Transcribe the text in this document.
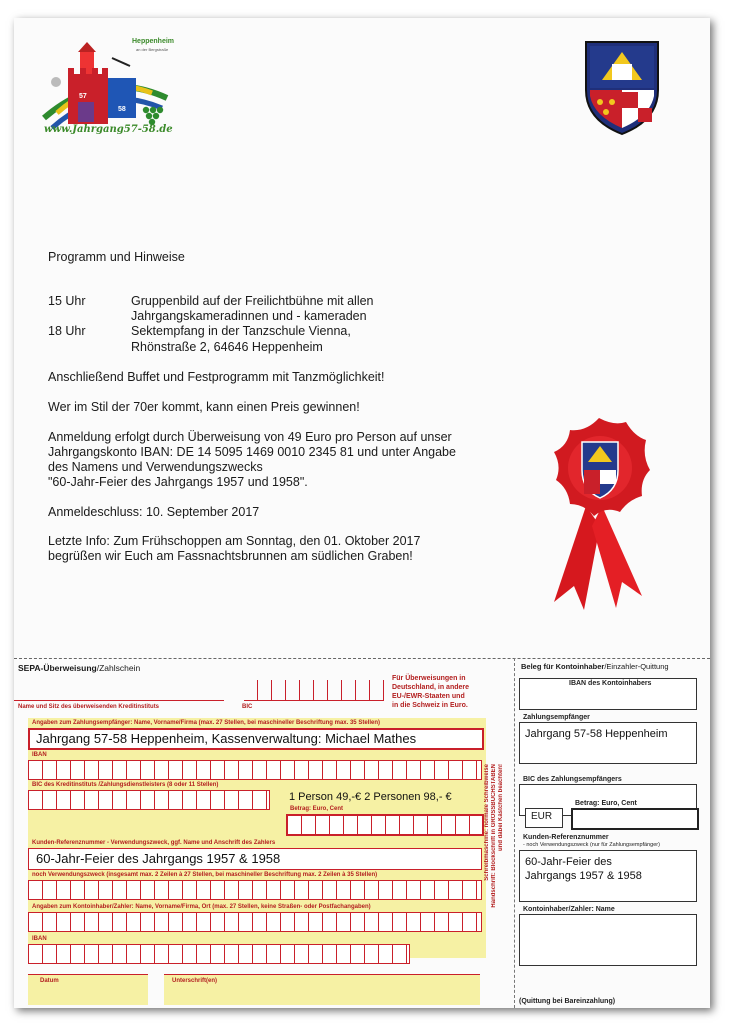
57
58
Heppenheim
an der Bergstraße
www.Jahrgang57-58.de
Programm und Hinweise
15 Uhr	Gruppenbild auf der Freilichtbühne mit allen
Jahrgangskameradinnen und - kameraden
18 Uhr	Sektempfang in der Tanzschule Vienna,
Rhönstraße 2, 64646 Heppenheim
Anschließend Buffet und Festprogramm mit Tanzmöglichkeit!
Wer im Stil der 70er kommt, kann einen Preis gewinnen!
Anmeldung erfolgt durch Überweisung von 49 Euro pro Person auf unser
Jahrgangskonto IBAN: DE 14 5095 1469 0010 2345 81 und unter Angabe
des Namens und Verwendungszwecks
"60-Jahr-Feier des Jahrgangs 1957 und 1958".
Anmeldeschluss: 10. September 2017
Letzte Info: Zum Frühschoppen am Sonntag, den 01. Oktober 2017
begrüßen wir Euch am Fassnachtsbrunnen am südlichen Graben!
SEPA-Überweisung/Zahlschein
Name und Sitz des überweisenden Kreditinstituts	BIC
Für Überweisungen in
Deutschland, in andere
EU-/EWR-Staaten und
in die Schweiz in Euro.
Angaben zum Zahlungsempfänger: Name, Vorname/Firma (max. 27 Stellen, bei maschineller Beschriftung max. 35 Stellen)
Jahrgang 57-58 Heppenheim, Kassenverwaltung: Michael Mathes
IBAN
BIC des Kreditinstituts /Zahlungsdienstleisters (8 oder 11 Stellen)
1 Person 49,-€ 2 Personen 98,- €
Betrag: Euro, Cent
Kunden-Referenznummer - Verwendungszweck, ggf. Name und Anschrift des Zahlers
60-Jahr-Feier des Jahrgangs 1957 & 1958
noch Verwendungszweck (insgesamt max. 2 Zeilen à 27 Stellen, bei maschineller Beschriftung max. 2 Zeilen à 35 Stellen)
Angaben zum Kontoinhaber/Zahler: Name, Vorname/Firma, Ort (max. 27 Stellen, keine Straßen- oder Postfachangaben)
IBAN
Datum	Unterschrift(en)
Schreibmaschine: normale Schreibweise Handschrift: Blockschrift in GROSSBUCHSTABEN und dabei Kästchen beachten!
Beleg für Kontoinhaber/Einzahler-Quittung
IBAN des Kontoinhabers
Zahlungsempfänger
Jahrgang 57-58 Heppenheim
BIC des Zahlungsempfängers
Betrag: Euro, Cent
EUR
Kunden-Referenznummer
- noch Verwendungszweck (nur für Zahlungsempfänger)
60-Jahr-Feier des
Jahrgangs 1957 & 1958
Kontoinhaber/Zahler: Name
(Quittung bei Bareinzahlung)
